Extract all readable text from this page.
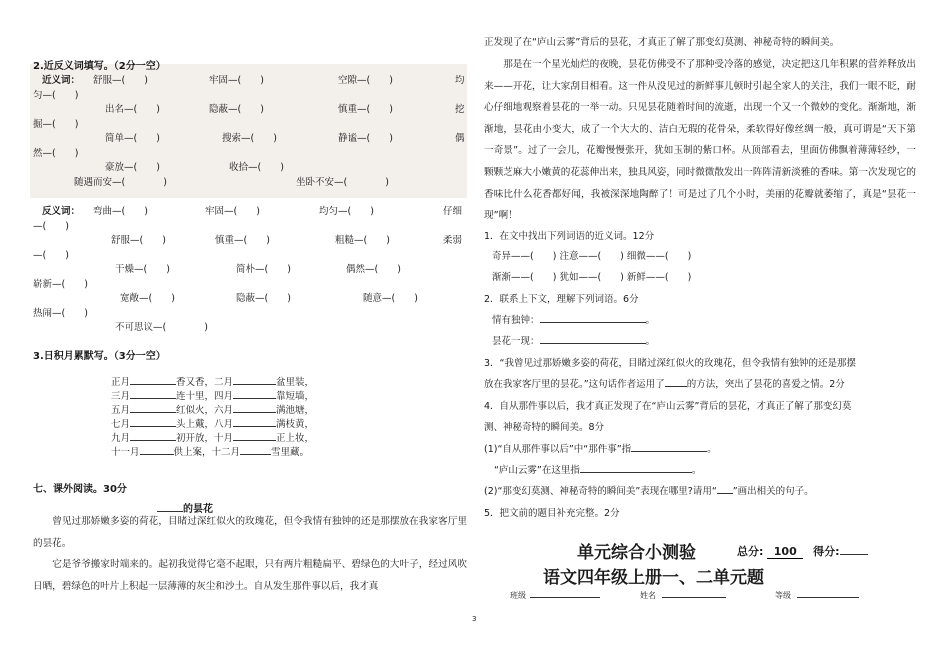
2.近反义词填写。（2分一空）
近义词： 舒服—(　　)	牢固—(　　)	空隙—(　　)	均
匀—(　　)
出名—(　　)	隐蔽—(　　)	慎重—(　　)	挖
掘—(　　)
简单—(　　)	搜索—(　　)	静谧—(　　)	偶
然—(　　)
豪放—(　　)	收拾—(　　)
随遇而安—(　　　　)	坐卧不安—(　　　　)
反义词： 弯曲—(　　)	牢固—(　　)	均匀—(　　)	仔细
—(　　)
舒服—(　　)	慎重—(　　)	粗糙—(　　)	柔弱
—(　　)
干燥—(　　)	简朴—(　　)	偶然—(　　)
崭新—(　　)
宽敞—(　　)	隐蔽—(　　)	随意—(　　)
热闹—(　　)
不可思议—(　　　　)
3.日积月累默写。（3分一空）
正月	香又香，二月	盆里装，
三月	连十里，四月	靠短墙，
五月	红似火，六月	满池塘，
七月	头上戴，八月	满枝黄，
九月	初开放，十月	正上妆，
十一月	供上案，十二月	雪里藏。
七、课外阅读。30分
的昙花
曾见过那娇嫩多姿的荷花，目睹过深红似火的玫瑰花，但令我情有独钟的还是那摆放在我家客厅里的昙花。
它是爷爷搬家时端来的。起初我觉得它毫不起眼，只有两片粗糙扁平、碧绿色的大叶子，经过风吹日晒，碧绿色的叶片上积起一层薄薄的灰尘和沙土。自从发生那件事以后，我才真
正发现了在“庐山云雾”背后的昙花，才真正了解了那变幻莫测、神秘奇特的瞬间美。
那是在一个星光灿烂的夜晚，昙花仿佛受不了那种受冷落的感觉，决定把这几年积累的营养释放出来——开花，让大家刮目相看。这一件从没见过的新鲜事儿顿时引起全家人的关注，我们一眼不眨，耐心仔细地观察着昙花的一举一动。只见昙花随着时间的流逝，出现一个又一个微妙的变化。渐渐地，渐渐地，昙花由小变大，成了一个大大的、洁白无瑕的花骨朵，柔软得好像丝绸一般，真可谓是“天下第一奇景”。过了一会儿，花瓣慢慢张开，犹如玉制的紫口杯。从顶部看去，里面仿佛飘着薄薄轻纱，一颗颗芝麻大小嫩黄的花蕊伸出来，独具风姿，同时微微散发出一阵阵清新淡雅的香味。第一次发现它的香味比什么花香都好闻，我被深深地陶醉了！可是过了几个小时，美丽的花瓣就萎缩了，真是“昙花一现”啊！
1．在文中找出下列词语的近义词。12分
奇异——(　　) 注意——(　　) 细微——(　　)
渐渐——(　　) 犹如——(　　) 新鲜——(　　)
2．联系上下文，理解下列词语。6分
情有独钟：	。
昙花一现：	。
3．“我曾见过那娇嫩多姿的荷花，目睹过深红似火的玫瑰花，但令我情有独钟的还是那摆
放在我家客厅里的昙花。”这句话作者运用了 的方法，突出了昙花的喜爱之情。2分
4．自从那件事以后，我才真正发现了在“庐山云雾”背后的昙花，才真正了解了那变幻莫
测、神秘奇特的瞬间美。8分
(1)“自从那件事以后”中“那件事”指	。
“庐山云雾”在这里指	。
(2)“那变幻莫测、神秘奇特的瞬间美”表现在哪里?请用“ ”画出相关的句子。
5．把文前的题目补充完整。2分
单元综合小测验	总分: 100 得分:
语文四年级上册一、二单元题
班级	姓名	等级
3
